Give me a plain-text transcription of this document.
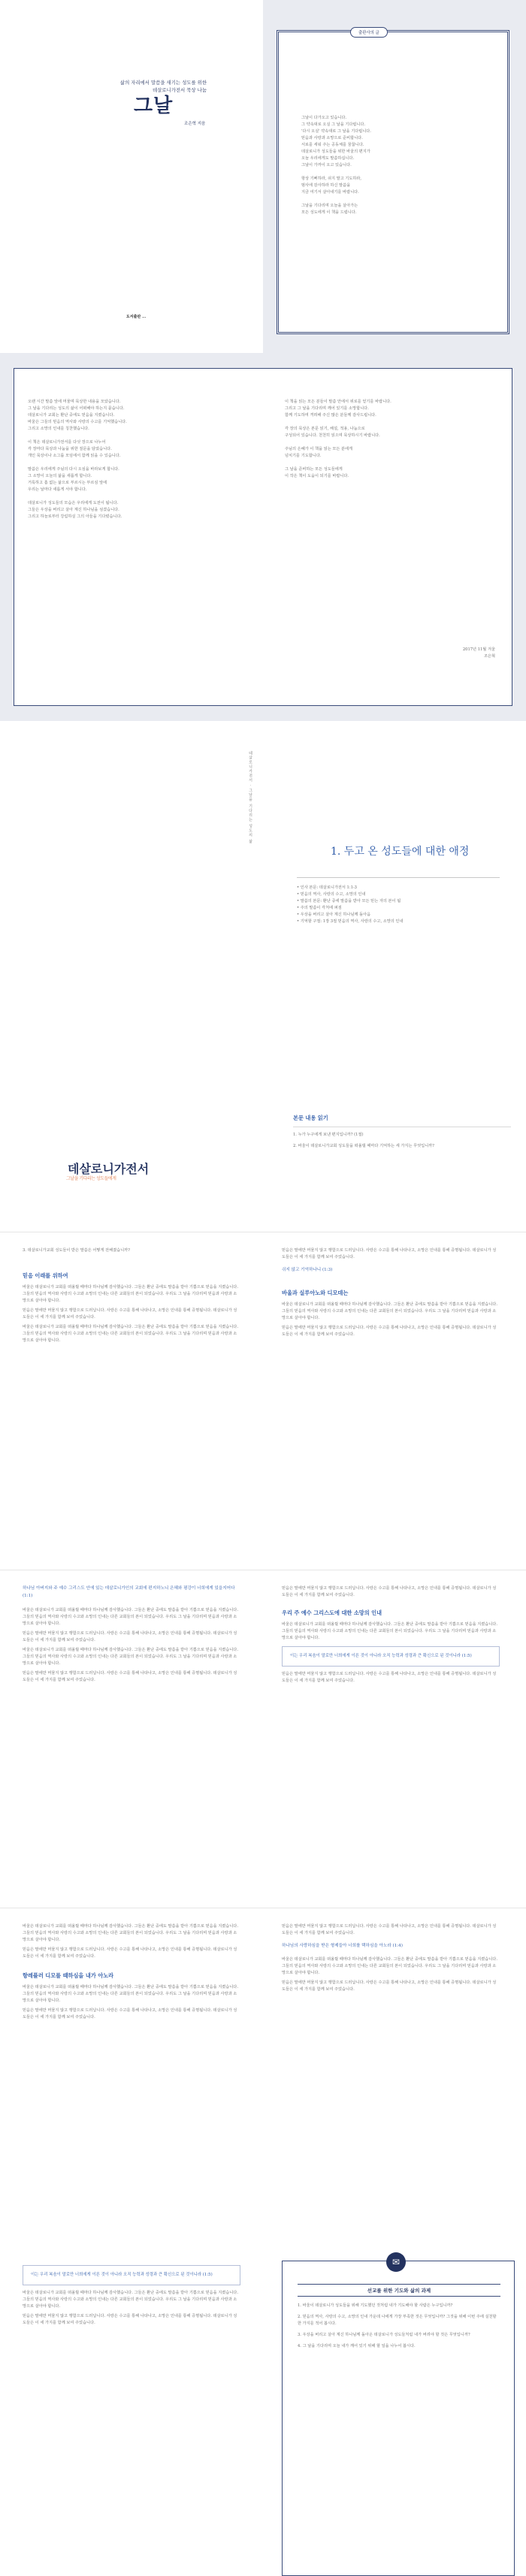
삶의 자리에서 말씀을 새기는 성도를 위한
데살로니가전서 묵상 나눔
그날
조은혁 지음
도서출판 ...
출판사의 글
그날이 다가오고 있습니다.
그 약속대로 오실 그 날을 기다립니다.
'다시 오실' 약속대로 그 날을 기다립니다.
믿음과 사랑과 소망으로 준비합니다.
서로를 세워 주는 공동체를 꿈꿉니다.
데살로니가 성도들을 위한 바울의 편지가
오늘 우리에게도 말씀하십니다.
그날이 가까이 오고 있습니다.

항상 기뻐하라, 쉬지 말고 기도하라,
범사에 감사하라 하신 말씀을
지금 여기서 살아내기를 바랍니다.

그날을 기다리며 오늘을 살아가는
모든 성도에게 이 책을 드립니다.
오랜 시간 말씀 앞에 머물며 묵상한 내용을 모았습니다.
그 날을 기다리는 성도의 삶이 어떠해야 하는지 묻습니다.
데살로니가 교회는 환난 중에도 믿음을 지켰습니다.
바울은 그들의 믿음의 역사와 사랑의 수고를 기억했습니다.
그리고 소망의 인내를 칭찬했습니다.

이 책은 데살로니가전서를 다섯 장으로 나누어
각 장마다 묵상과 나눔을 위한 질문을 담았습니다.
개인 묵상이나 소그룹 모임에서 함께 읽을 수 있습니다.

말씀은 우리에게 주님의 다시 오심을 바라보게 합니다.
그 소망이 오늘의 삶을 새롭게 합니다.
거룩하고 흠 없는 삶으로 부르시는 부르심 앞에
우리는 날마다 새롭게 서야 합니다.

데살로니가 성도들의 모습은 우리에게 도전이 됩니다.
그들은 우상을 버리고 살아 계신 하나님을 섬겼습니다.
그리고 하늘로부터 강림하실 그의 아들을 기다렸습니다.
이 책을 읽는 모든 분들이 말씀 안에서 위로를 얻기를 바랍니다.
그리고 그 날을 기다리며 깨어 있기를 소망합니다.
함께 기도하며 격려해 주신 많은 분들께 감사드립니다.

각 장의 묵상은 본문 읽기, 해설, 적용, 나눔으로
구성되어 있습니다. 천천히 읽으며 묵상하시기 바랍니다.

주님의 은혜가 이 책을 읽는 모든 분에게
넘치기를 기도합니다.

그 날을 준비하는 모든 성도들에게
이 작은 책이 도움이 되기를 바랍니다.
2017년 11월 겨울
조은혁
데살로니가전서 · 그날을 기다리는 성도의 삶
1. 두고 온 성도들에 대한 애정
• 인사 본문: 데살로니가전서 1:1-3
• 믿음의 역사, 사랑의 수고, 소망의 인내
• 말씀의 본문: 환난 중에 말씀을 받아 모든 믿는 자의 본이 됨
• 주의 말씀이 각처에 퍼짐
• 우상을 버리고 살아 계신 하나님께 돌아옴
• 기억할 구절: 1장 3절 믿음의 역사, 사랑의 수고, 소망의 인내
데살로니가전서
그날을 기다리는 성도들에게
본문 내용 읽기
1. 누가 누구에게 보낸 편지입니까? (1절)
2. 바울이 데살로니가교회 성도들을 떠올릴 때마다 기억하는 세 가지는 무엇입니까?
3. 데살로니가교회 성도들이 받은 말씀은 어떻게 전해졌습니까?
믿음 이래를 위하여

바울은 데살로니가 교회를 떠올릴 때마다 하나님께 감사했습니다. 그들은 환난 중에도 말씀을 받아 기쁨으로 믿음을 지켰습니다. 그들의 믿음의 역사와 사랑의 수고와 소망의 인내는 다른 교회들의 본이 되었습니다. 우리도 그 날을 기다리며 믿음과 사랑과 소망으로 살아야 합니다.

믿음은 말에만 머물지 않고 행함으로 드러납니다. 사랑은 수고를 통해 나타나고, 소망은 인내를 통해 증명됩니다. 데살로니가 성도들은 이 세 가지를 함께 보여 주었습니다.

바울은 데살로니가 교회를 떠올릴 때마다 하나님께 감사했습니다. 그들은 환난 중에도 말씀을 받아 기쁨으로 믿음을 지켰습니다. 그들의 믿음의 역사와 사랑의 수고와 소망의 인내는 다른 교회들의 본이 되었습니다. 우리도 그 날을 기다리며 믿음과 사랑과 소망으로 살아야 합니다.

믿음은 말에만 머물지 않고 행함으로 드러납니다. 사랑은 수고를 통해 나타나고, 소망은 인내를 통해 증명됩니다. 데살로니가 성도들은 이 세 가지를 함께 보여 주었습니다.

쉬지 않고 기억하나니 (1:3)
바울과 실루아노와 디모데는

바울은 데살로니가 교회를 떠올릴 때마다 하나님께 감사했습니다. 그들은 환난 중에도 말씀을 받아 기쁨으로 믿음을 지켰습니다. 그들의 믿음의 역사와 사랑의 수고와 소망의 인내는 다른 교회들의 본이 되었습니다. 우리도 그 날을 기다리며 믿음과 사랑과 소망으로 살아야 합니다.

믿음은 말에만 머물지 않고 행함으로 드러납니다. 사랑은 수고를 통해 나타나고, 소망은 인내를 통해 증명됩니다. 데살로니가 성도들은 이 세 가지를 함께 보여 주었습니다.

하나님 아버지와 주 예수 그리스도 안에 있는 데살로니가인의 교회에 편지하노니 은혜와 평강이 너희에게 있을지어다 (1:1)

바울은 데살로니가 교회를 떠올릴 때마다 하나님께 감사했습니다. 그들은 환난 중에도 말씀을 받아 기쁨으로 믿음을 지켰습니다. 그들의 믿음의 역사와 사랑의 수고와 소망의 인내는 다른 교회들의 본이 되었습니다. 우리도 그 날을 기다리며 믿음과 사랑과 소망으로 살아야 합니다.

믿음은 말에만 머물지 않고 행함으로 드러납니다. 사랑은 수고를 통해 나타나고, 소망은 인내를 통해 증명됩니다. 데살로니가 성도들은 이 세 가지를 함께 보여 주었습니다.

바울은 데살로니가 교회를 떠올릴 때마다 하나님께 감사했습니다. 그들은 환난 중에도 말씀을 받아 기쁨으로 믿음을 지켰습니다. 그들의 믿음의 역사와 사랑의 수고와 소망의 인내는 다른 교회들의 본이 되었습니다. 우리도 그 날을 기다리며 믿음과 사랑과 소망으로 살아야 합니다.

믿음은 말에만 머물지 않고 행함으로 드러납니다. 사랑은 수고를 통해 나타나고, 소망은 인내를 통해 증명됩니다. 데살로니가 성도들은 이 세 가지를 함께 보여 주었습니다.

믿음은 말에만 머물지 않고 행함으로 드러납니다. 사랑은 수고를 통해 나타나고, 소망은 인내를 통해 증명됩니다. 데살로니가 성도들은 이 세 가지를 함께 보여 주었습니다.

우리 주 예수 그리스도에 대한 소망의 인내

바울은 데살로니가 교회를 떠올릴 때마다 하나님께 감사했습니다. 그들은 환난 중에도 말씀을 받아 기쁨으로 믿음을 지켰습니다. 그들의 믿음의 역사와 사랑의 수고와 소망의 인내는 다른 교회들의 본이 되었습니다. 우리도 그 날을 기다리며 믿음과 사랑과 소망으로 살아야 합니다.

이는 우리 복음이 말로만 너희에게 이른 것이 아니라 오직 능력과 성령과 큰 확신으로 된 것이니라 (1:5)

믿음은 말에만 머물지 않고 행함으로 드러납니다. 사랑은 수고를 통해 나타나고, 소망은 인내를 통해 증명됩니다. 데살로니가 성도들은 이 세 가지를 함께 보여 주었습니다.

바울은 데살로니가 교회를 떠올릴 때마다 하나님께 감사했습니다. 그들은 환난 중에도 말씀을 받아 기쁨으로 믿음을 지켰습니다. 그들의 믿음의 역사와 사랑의 수고와 소망의 인내는 다른 교회들의 본이 되었습니다. 우리도 그 날을 기다리며 믿음과 사랑과 소망으로 살아야 합니다.

믿음은 말에만 머물지 않고 행함으로 드러납니다. 사랑은 수고를 통해 나타나고, 소망은 인내를 통해 증명됩니다. 데살로니가 성도들은 이 세 가지를 함께 보여 주었습니다.

항레플러 디모를 때하심을 내가 아노라

바울은 데살로니가 교회를 떠올릴 때마다 하나님께 감사했습니다. 그들은 환난 중에도 말씀을 받아 기쁨으로 믿음을 지켰습니다. 그들의 믿음의 역사와 사랑의 수고와 소망의 인내는 다른 교회들의 본이 되었습니다. 우리도 그 날을 기다리며 믿음과 사랑과 소망으로 살아야 합니다.

믿음은 말에만 머물지 않고 행함으로 드러납니다. 사랑은 수고를 통해 나타나고, 소망은 인내를 통해 증명됩니다. 데살로니가 성도들은 이 세 가지를 함께 보여 주었습니다.

믿음은 말에만 머물지 않고 행함으로 드러납니다. 사랑은 수고를 통해 나타나고, 소망은 인내를 통해 증명됩니다. 데살로니가 성도들은 이 세 가지를 함께 보여 주었습니다.

하나님의 사랑하심을 받은 형제들아 너희를 택하심을 아노라 (1:4)

바울은 데살로니가 교회를 떠올릴 때마다 하나님께 감사했습니다. 그들은 환난 중에도 말씀을 받아 기쁨으로 믿음을 지켰습니다. 그들의 믿음의 역사와 사랑의 수고와 소망의 인내는 다른 교회들의 본이 되었습니다. 우리도 그 날을 기다리며 믿음과 사랑과 소망으로 살아야 합니다.

믿음은 말에만 머물지 않고 행함으로 드러납니다. 사랑은 수고를 통해 나타나고, 소망은 인내를 통해 증명됩니다. 데살로니가 성도들은 이 세 가지를 함께 보여 주었습니다.

이는 우리 복음이 말로만 너희에게 이른 것이 아니라 오직 능력과 성령과 큰 확신으로 된 것이니라 (1:5)

바울은 데살로니가 교회를 떠올릴 때마다 하나님께 감사했습니다. 그들은 환난 중에도 말씀을 받아 기쁨으로 믿음을 지켰습니다. 그들의 믿음의 역사와 사랑의 수고와 소망의 인내는 다른 교회들의 본이 되었습니다. 우리도 그 날을 기다리며 믿음과 사랑과 소망으로 살아야 합니다.

믿음은 말에만 머물지 않고 행함으로 드러납니다. 사랑은 수고를 통해 나타나고, 소망은 인내를 통해 증명됩니다. 데살로니가 성도들은 이 세 가지를 함께 보여 주었습니다.

✉
선교를 위한 기도와 삶의 과제
1. 바울이 데살로니가 성도들을 위해 기도했던 것처럼 내가 기도해야 할 사람은 누구입니까?
2. 믿음의 역사, 사랑의 수고, 소망의 인내 가운데 나에게 가장 부족한 것은 무엇입니까? 그것을 위해 이번 주에 실천할 한 가지를 적어 봅시다.
3. 우상을 버리고 살아 계신 하나님께 돌아온 데살로니가 성도들처럼 내가 버려야 할 것은 무엇입니까?
4. 그 날을 기다리며 오늘 내가 깨어 있기 위해 할 일을 나누어 봅시다.
